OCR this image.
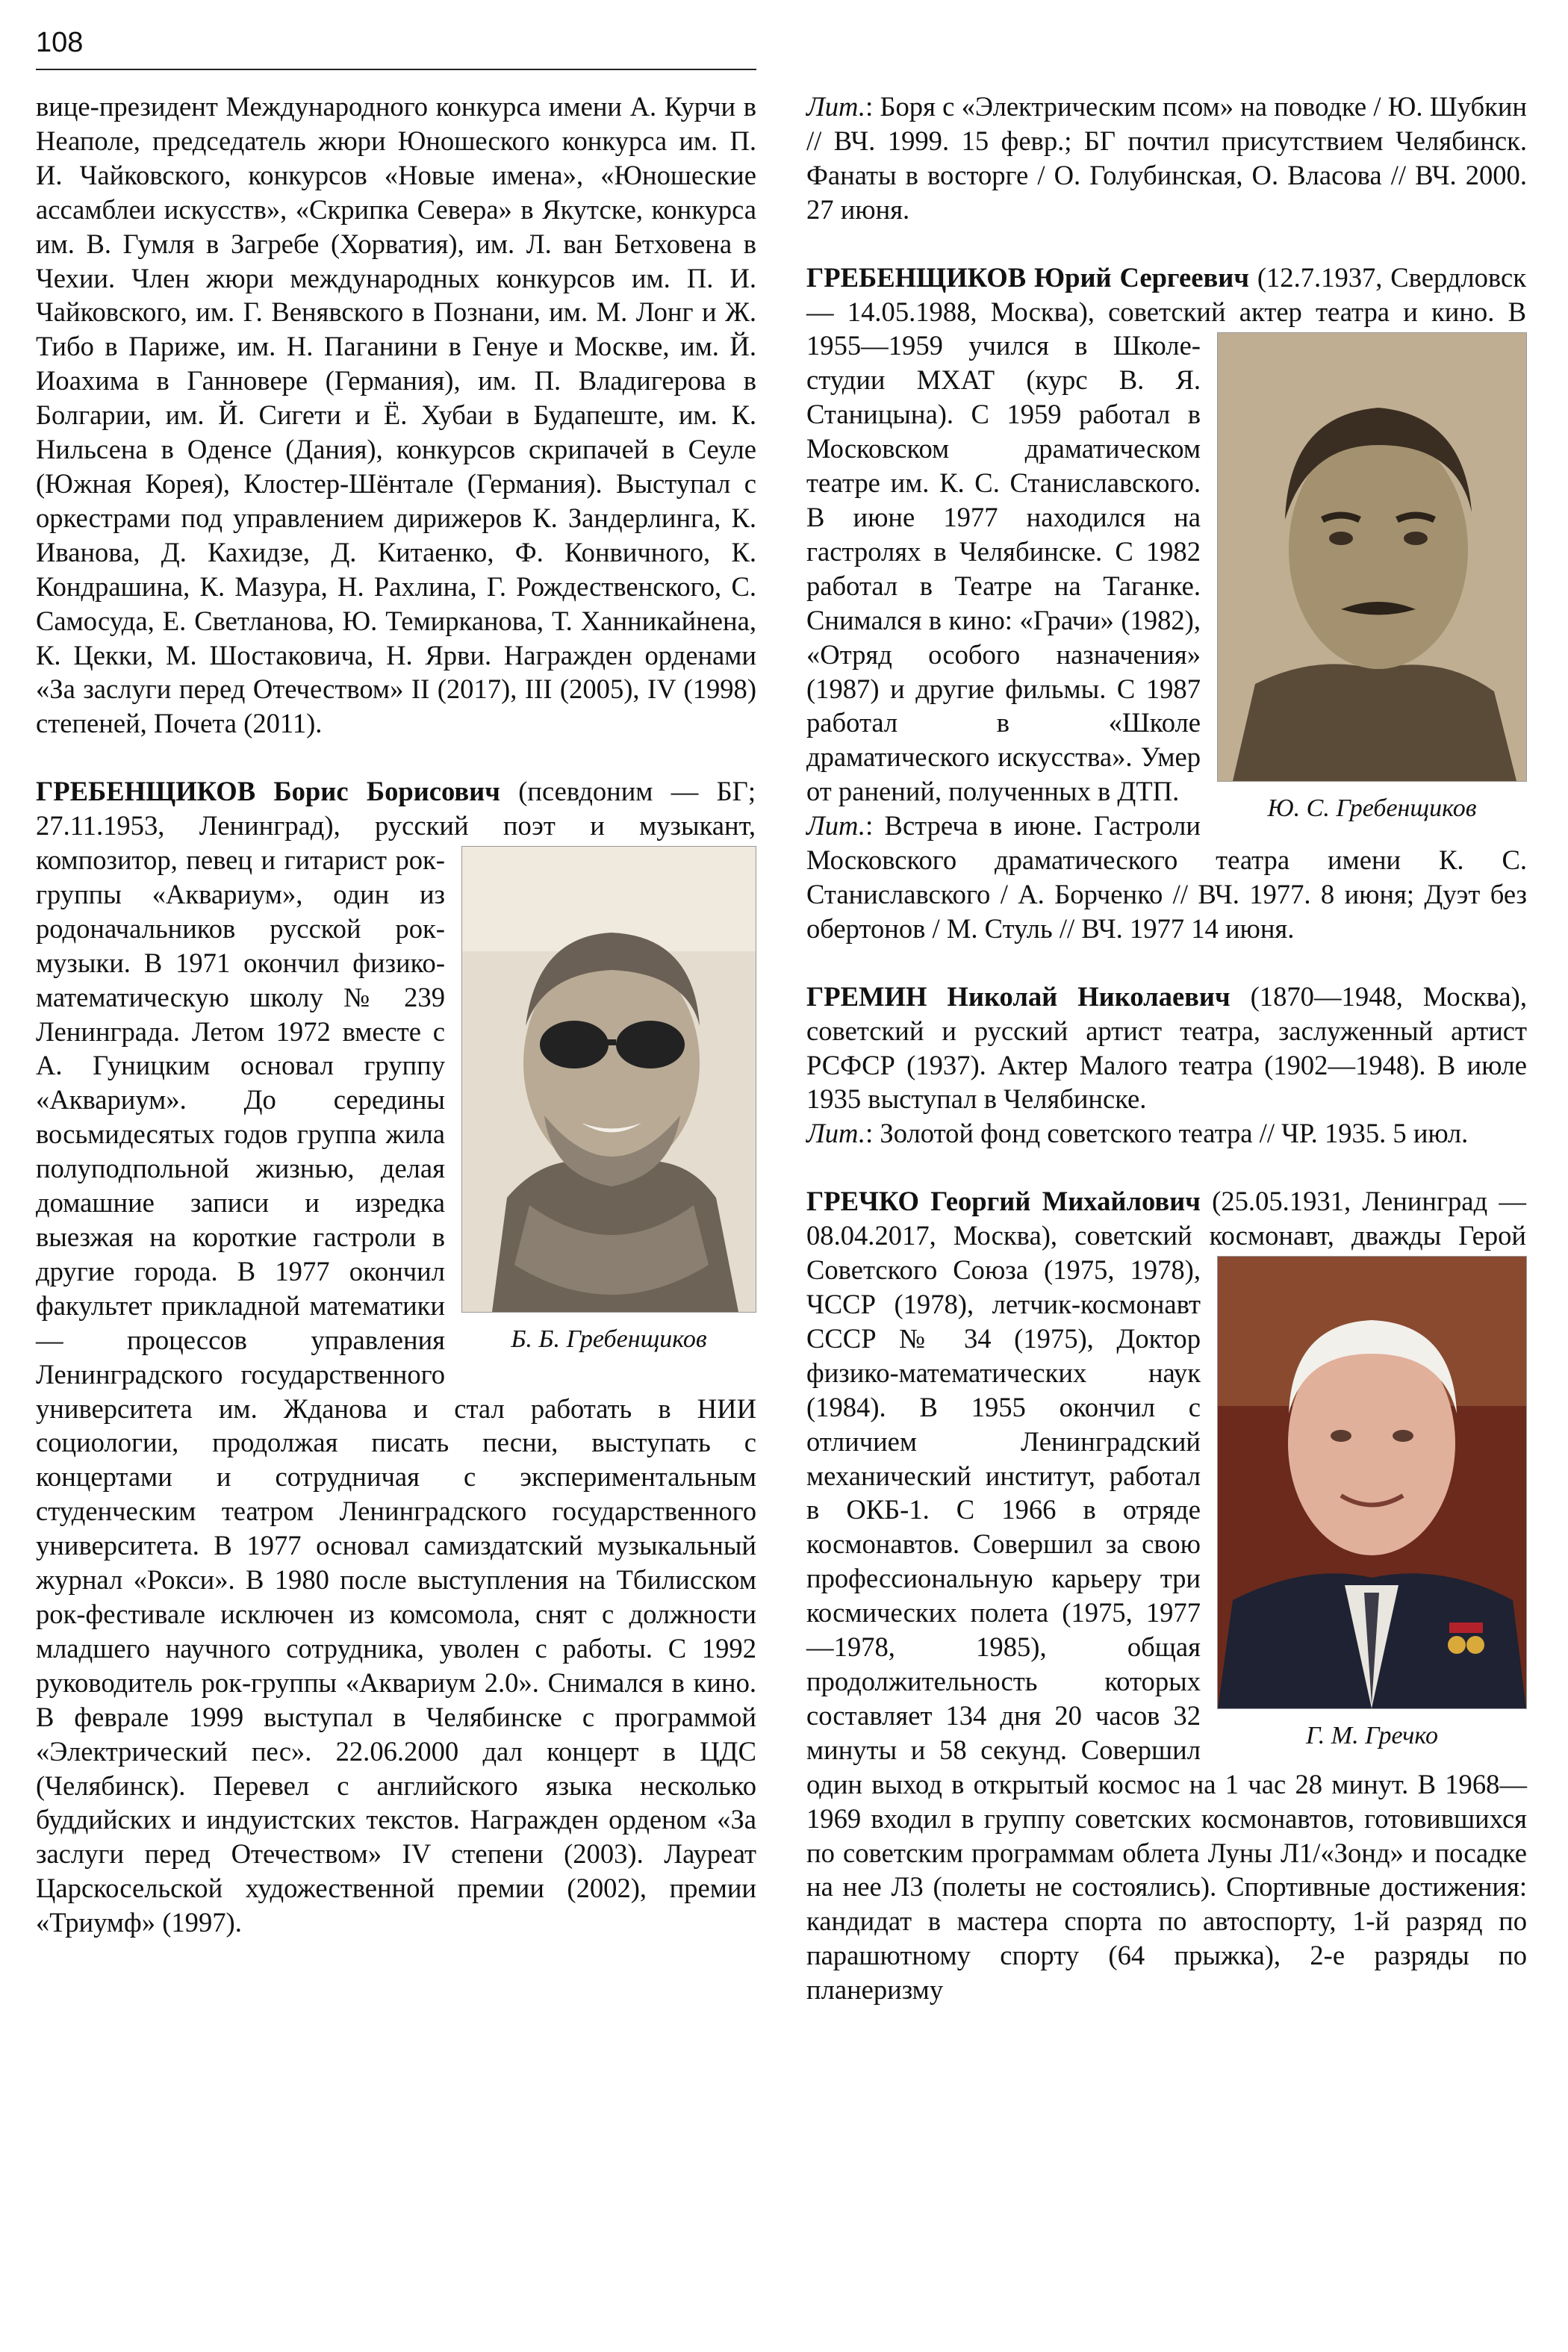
108

вице-президент Международного конкурса имени А. Курчи в Неаполе, председатель жюри Юношеского конкурса им. П. И. Чайковского, конкурсов «Новые имена», «Юношеские ассамблеи искусств», «Скрипка Севера» в Якутске, конкурса им. В. Гумля в Загребе (Хорватия), им. Л. ван Бетховена в Чехии. Член жюри международных конкурсов им. П. И. Чайковского, им. Г. Венявского в Познани, им. М. Лонг и Ж. Тибо в Париже, им. Н. Паганини в Генуе и Москве, им. Й. Иоахима в Ганновере (Германия), им. П. Владигерова в Болгарии, им. Й. Сигети и Ё. Хубаи в Будапеште, им. К. Нильсена в Оденсе (Дания), конкурсов скрипачей в Сеуле (Южная Корея), Клостер-Шёнтале (Германия). Выступал с оркестрами под управлением дирижеров К. Зандерлинга, К. Иванова, Д. Кахидзе, Д. Китаенко, Ф. Конвичного, К. Кондрашина, К. Мазура, Н. Рахлина, Г. Рождественского, С. Самосуда, Е. Светланова, Ю. Темирканова, Т. Ханникайнена, К. Цекки, М. Шостаковича, Н. Ярви. Награжден орденами «За заслуги перед Отечеством» II (2017), III (2005), IV (1998) степеней, Почета (2011).

Б. Б. Гребенщиков

ГРЕБЕНЩИКОВ Борис Борисович (псевдоним — БГ; 27.11.1953, Ленинград), русский поэт и музыкант, композитор, певец и гитарист рок-группы «Аквариум», один из родоначальников русской рок-музыки. В 1971 окончил физико-математическую школу № 239 Ленинграда. Летом 1972 вместе с А. Гуницким основал группу «Аквариум». До середины восьмидесятых годов группа жила полуподпольной жизнью, делая домашние записи и изредка выезжая на короткие гастроли в другие города. В 1977 окончил факультет прикладной математики — процессов управления Ленинградского государственного университета им. Жданова и стал работать в НИИ социологии, продолжая писать песни, выступать с концертами и сотрудничая с экспериментальным студенческим театром Ленинградского государственного университета. В 1977 основал самиздатский музыкальный журнал «Рокси». В 1980 после выступления на Тбилисском рок-фестивале исключен из комсомола, снят с должности младшего научного сотрудника, уволен с работы. С 1992 руководитель рок-группы «Аквариум 2.0». Снимался в кино. В феврале 1999 выступал в Челябинске с программой «Электрический пес». 22.06.2000 дал концерт в ЦДС (Челябинск). Перевел с английского языка несколько буддийских и индуистских текстов. Награжден орденом «За заслуги перед Отечеством» IV степени (2003). Лауреат Царскосельской художественной премии (2002), премии «Триумф» (1997).

Лит.: Боря с «Электрическим псом» на поводке / Ю. Шубкин // ВЧ. 1999. 15 февр.; БГ почтил присутствием Челябинск. Фанаты в восторге / О. Голубинская, О. Власова // ВЧ. 2000. 27 июня.

Ю. С. Гребенщиков

ГРЕБЕНЩИКОВ Юрий Сергеевич (12.7.1937, Свердловск — 14.05.1988, Москва), советский актер театра и кино. В 1955—1959 учился в Школе-студии МХАТ (курс В. Я. Станицына). С 1959 работал в Московском драматическом театре им. К. С. Станиславского. В июне 1977 находился на гастролях в Челябинске. С 1982 работал в Театре на Таганке. Снимался в кино: «Грачи» (1982), «Отряд особого назначения» (1987) и другие фильмы. С 1987 работал в «Школе драматического искусства». Умер от ранений, полученных в ДТП.

Лит.: Встреча в июне. Гастроли Московского драматического театра имени К. С. Станиславского / А. Борченко // ВЧ. 1977. 8 июня; Дуэт без обертонов / М. Стуль // ВЧ. 1977 14 июня.

ГРЕМИН Николай Николаевич (1870—1948, Москва), советский и русский артист театра, заслуженный артист РСФСР (1937). Актер Малого театра (1902—1948). В июле 1935 выступал в Челябинске.

Лит.: Золотой фонд советского театра // ЧР. 1935. 5 июл.

Г. М. Гречко

ГРЕЧКО Георгий Михайлович (25.05.1931, Ленинград — 08.04.2017, Москва), советский космонавт, дважды Герой Советского Союза (1975, 1978), ЧССР (1978), летчик-космонавт СССР № 34 (1975), Доктор физико-математических наук (1984). В 1955 окончил с отличием Ленинградский механический институт, работал в ОКБ-1. С 1966 в отряде космонавтов. Совершил за свою профессиональную карьеру три космических полета (1975, 1977—1978, 1985), общая продолжительность которых составляет 134 дня 20 часов 32 минуты и 58 секунд. Совершил один выход в открытый космос на 1 час 28 минут. В 1968—1969 входил в группу советских космонавтов, готовившихся по советским программам облета Луны Л1/«Зонд» и посадке на нее Л3 (полеты не состоялись). Спортивные достижения: кандидат в мастера спорта по автоспорту, 1-й разряд по парашютному спорту (64 прыжка), 2-е разряды по планеризму
